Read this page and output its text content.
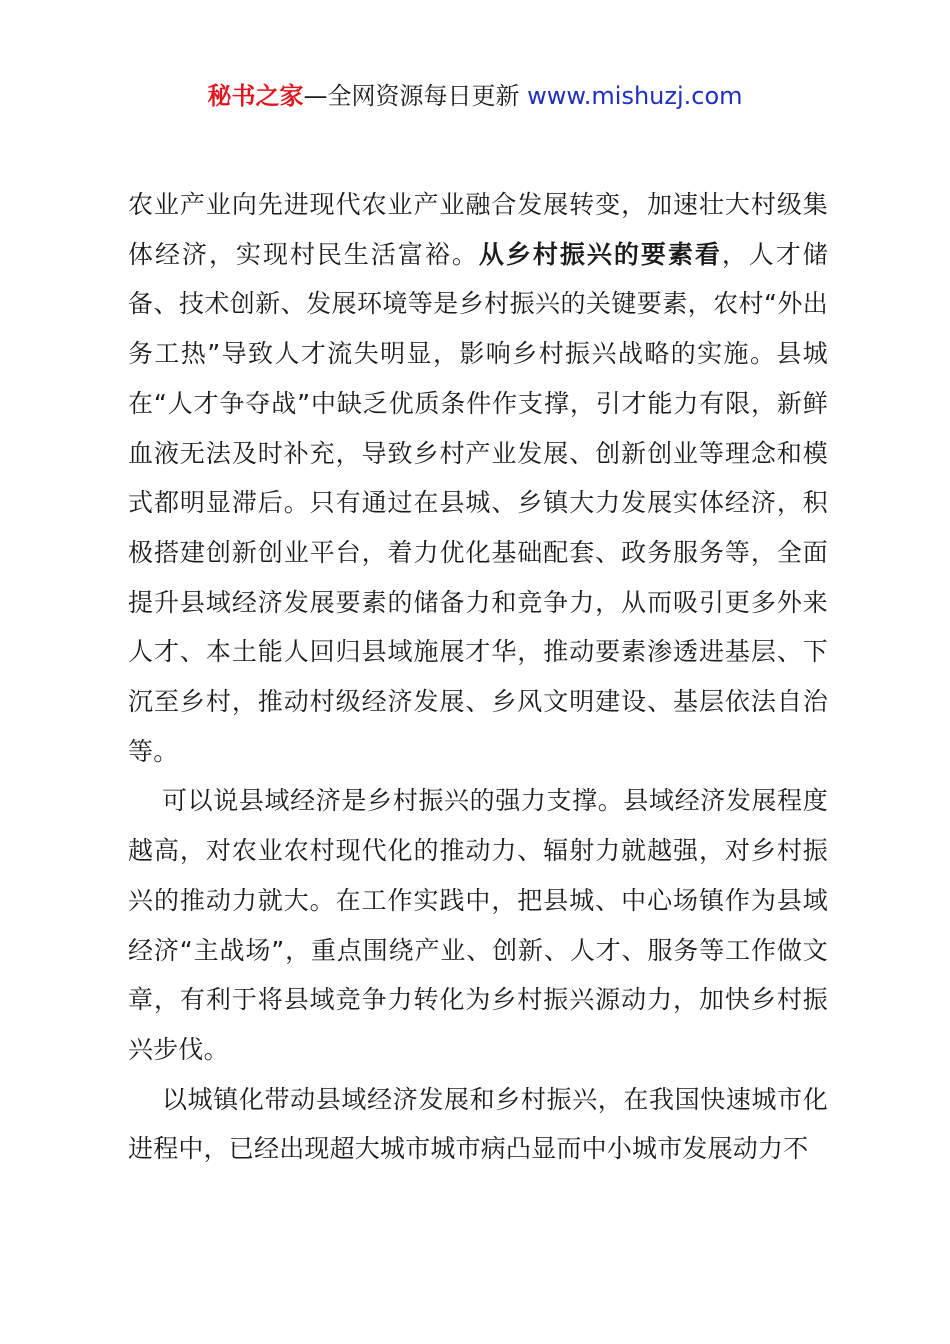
秘书之家—全网资源每日更新 www.mishuzj.com

农业产业向先进现代农业产业融合发展转变，加速壮大村级集体经济，实现村民生活富裕。从乡村振兴的要素看，人才储备、技术创新、发展环境等是乡村振兴的关键要素，农村“外出务工热”导致人才流失明显，影响乡村振兴战略的实施。县城在“人才争夺战”中缺乏优质条件作支撑，引才能力有限，新鲜血液无法及时补充，导致乡村产业发展、创新创业等理念和模式都明显滞后。只有通过在县城、乡镇大力发展实体经济，积极搭建创新创业平台，着力优化基础配套、政务服务等，全面提升县域经济发展要素的储备力和竞争力，从而吸引更多外来人才、本土能人回归县域施展才华，推动要素渗透进基层、下沉至乡村，推动村级经济发展、乡风文明建设、基层依法自治等。

可以说县域经济是乡村振兴的强力支撑。县域经济发展程度越高，对农业农村现代化的推动力、辐射力就越强，对乡村振兴的推动力就大。在工作实践中，把县城、中心场镇作为县域经济“主战场”，重点围绕产业、创新、人才、服务等工作做文章，有利于将县域竞争力转化为乡村振兴源动力，加快乡村振兴步伐。

以城镇化带动县域经济发展和乡村振兴，在我国快速城市化进程中，已经出现超大城市城市病凸显而中小城市发展动力不
